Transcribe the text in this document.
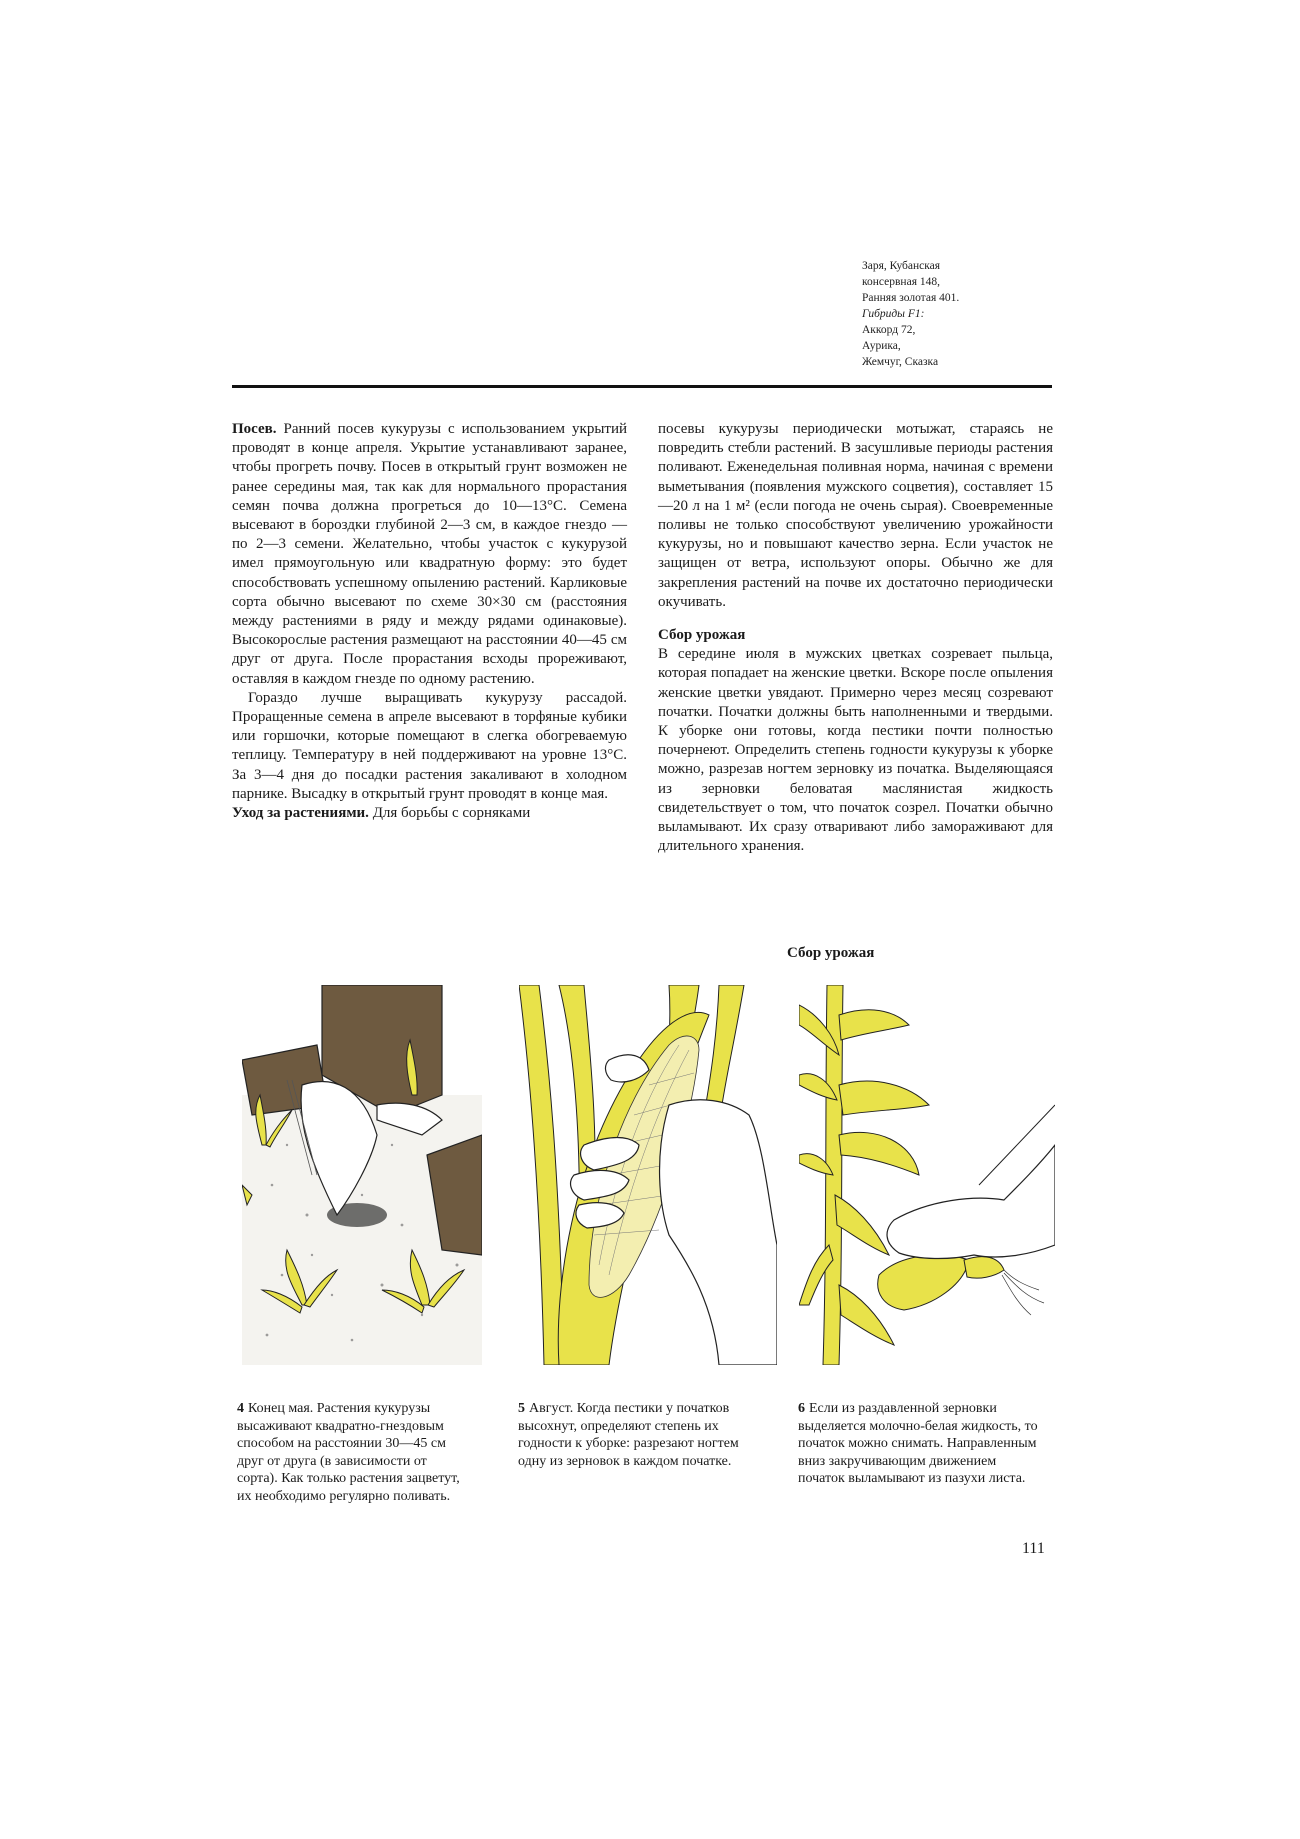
Заря, Кубанская
консервная 148,
Ранняя золотая 401.
Гибриды F1:
Аккорд 72,
Аурика,
Жемчуг, Сказка

Посев. Ранний посев кукурузы с использованием укрытий проводят в конце апреля. Укрытие устанавливают заранее, чтобы прогреть почву. Посев в открытый грунт возможен не ранее середины мая, так как для нормального прорастания семян почва должна прогреться до 10—13°С. Семена высевают в бороздки глубиной 2—3 см, в каждое гнездо — по 2—3 семени. Желательно, чтобы участок с кукурузой имел прямоугольную или квадратную форму: это будет способствовать успешному опылению растений. Карликовые сорта обычно высевают по схеме 30×30 см (расстояния между растениями в ряду и между рядами одинаковые). Высокорослые растения размещают на расстоянии 40—45 см друг от друга. После прорастания всходы прореживают, оставляя в каждом гнезде по одному растению.

Гораздо лучше выращивать кукурузу рассадой. Проращенные семена в апреле высевают в торфяные кубики или горшочки, которые помещают в слегка обогреваемую теплицу. Температуру в ней поддерживают на уровне 13°С. За 3—4 дня до посадки растения закаливают в холодном парнике. Высадку в открытый грунт проводят в конце мая.

Уход за растениями. Для борьбы с сорняками

посевы кукурузы периодически мотыжат, стараясь не повредить стебли растений. В засушливые периоды растения поливают. Еженедельная поливная норма, начиная с времени выметывания (появления мужского соцветия), составляет 15—20 л на 1 м² (если погода не очень сырая). Своевременные поливы не только способствуют увеличению урожайности кукурузы, но и повышают качество зерна. Если участок не защищен от ветра, используют опоры. Обычно же для закрепления растений на почве их достаточно периодически окучивать.

Сбор урожая

В середине июля в мужских цветках созревает пыльца, которая попадает на женские цветки. Вскоре после опыления женские цветки увядают. Примерно через месяц созревают початки. Початки должны быть наполненными и твердыми. К уборке они готовы, когда пестики почти полностью почернеют. Определить степень годности кукурузы к уборке можно, разрезав ногтем зерновку из початка. Выделяющаяся из зерновки беловатая маслянистая жидкость свидетельствует о том, что початок созрел. Початки обычно выламывают. Их сразу отваривают либо замораживают для длительного хранения.

Сбор урожая
4 Конец мая. Растения кукурузы высаживают квадратно-гнездовым способом на расстоянии 30—45 см друг от друга (в зависимости от сорта). Как только растения зацветут, их необходимо регулярно поливать.
5 Август. Когда пестики у початков высохнут, определяют степень их годности к уборке: разрезают ногтем одну из зерновок в каждом початке.
6 Если из раздавленной зерновки выделяется молочно-белая жидкость, то початок можно снимать. Направленным вниз закручивающим движением початок выламывают из пазухи листа.
111
